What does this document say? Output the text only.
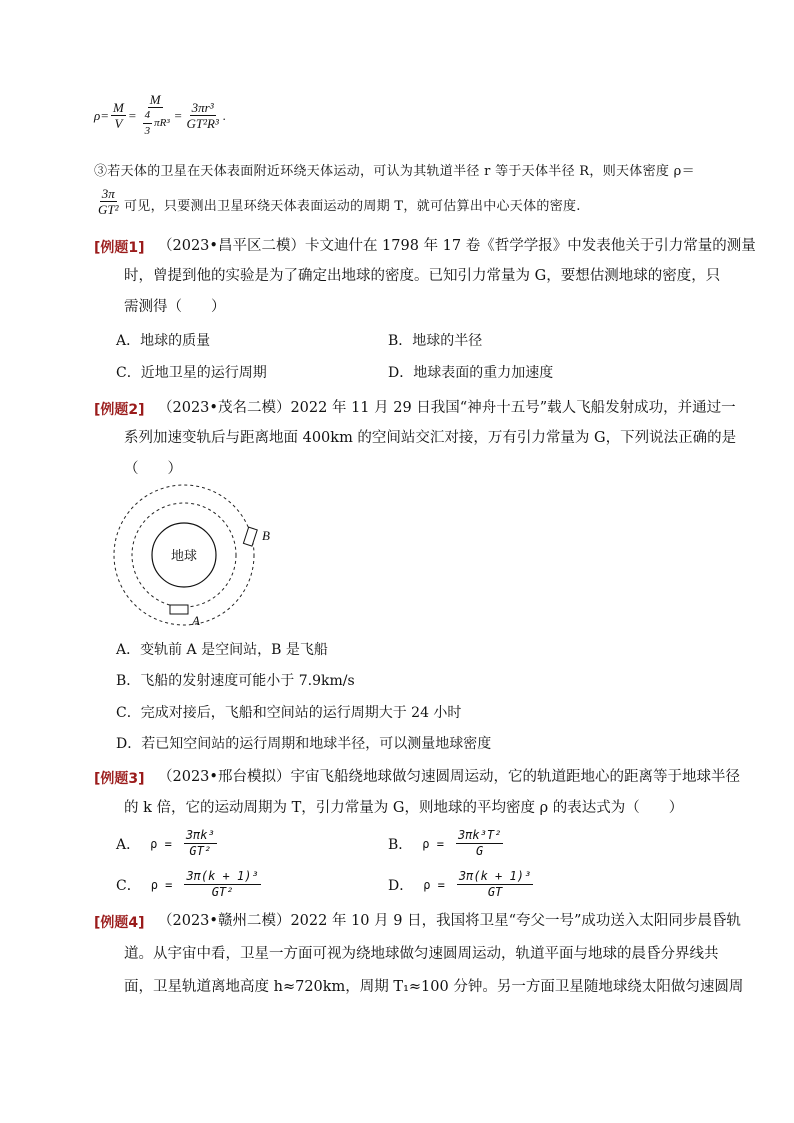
$\rho= \frac{M}{V} = \frac{M}{\frac{4}{3} \pi R^3} = \frac{\text{3πr³}}{\text{GT²R³}}$ .
③若天体的卫星在天体表面附近环绕天体运动，可认为其轨道半径 r 等于天体半径 R，则天体密度 ρ＝
$\frac{3\pi}{\text{GT²}}$ 可见，只要测出卫星环绕天体表面运动的周期 T，就可估算出中心天体的密度.
[例题1] （2023•昌平区二模）卡文迪什在 1798 年 17 卷《哲学学报》中发表他关于引力常量的测量
时，曾提到他的实验是为了确定出地球的密度。已知引力常量为 G，要想估测地球的密度，只
需测得（　　）
A．地球的质量	B．地球的半径
C．近地卫星的运行周期	D．地球表面的重力加速度
[例题2] （2023•茂名二模）2022 年 11 月 29 日我国“神舟十五号”载人飞船发射成功，并通过一
系列加速变轨后与距离地面 400km 的空间站交汇对接，万有引力常量为 G，下列说法正确的是
（　　）
地球
A
B
A．变轨前 A 是空间站，B 是飞船
B．飞船的发射速度可能小于 7.9km/s
C．完成对接后，飞船和空间站的运行周期大于 24 小时
D．若已知空间站的运行周期和地球半径，可以测量地球密度
[例题3] （2023•邢台模拟）宇宙飞船绕地球做匀速圆周运动，它的轨道距地心的距离等于地球半径
的 k 倍，它的运动周期为 T，引力常量为 G，则地球的平均密度 ρ 的表达式为（　　）
A． $\rho = \frac{\text{3πk³}}{\text{GT²}}$	B． $\rho = \frac{\text{3πk³T²}}{G}$
C． $\rho = \frac{\text{3π(k + 1)³}}{\text{GT²}}$	D． $\rho = \frac{\text{3π(k + 1)³}}{GT}$
[例题4] （2023•赣州二模）2022 年 10 月 9 日，我国将卫星“夸父一号”成功送入太阳同步晨昏轨
道。从宇宙中看，卫星一方面可视为绕地球做匀速圆周运动，轨道平面与地球的晨昏分界线共
面，卫星轨道离地高度 h≈720km，周期 T₁≈100 分钟。另一方面卫星随地球绕太阳做匀速圆周
